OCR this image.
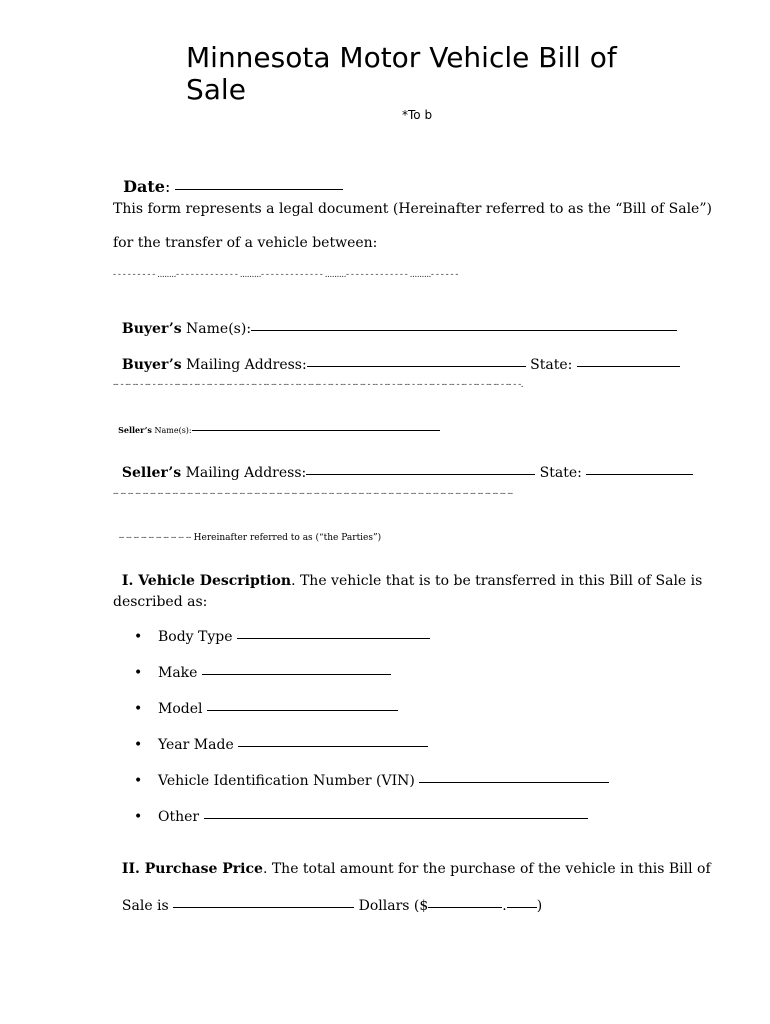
Minnesota Motor Vehicle Bill of Sale
*To b

Date:

This form represents a legal document (Hereinafter referred to as the “Bill of Sale”)
for the transfer of a vehicle between:
- - - - - - - - - ........- - - - - - - - - - - - - .........- - - - - - - - - - - - - .........- - - - - - - - - - - - - .........- - - - - -

Buyer’s Name(s):

Buyer’s Mailing Address:	State:

-- - -- -- - -- - -- - - -- -- - -- - -- - -- -- - -- - -- - -- -- - -- - -- - -- -- - -- - -- - -- -- - -- - -- - -- -- - -- - -- - -- -- - -- - -- - -- -- - -- - -.

Seller’s Name(s):

Seller’s Mailing Address:	State:

-- -- -- -- -- -- -- -- -- -- -- -- -- -- -- -- -- -- -- -- -- -- -- -- -- -- -- -- -- -- -- -- -- -- -- -- -- -- -- -- -- -- -- -- -- -- -- -- -- -- -- -- -- --

-- -- -- -- -- -- -- -- -- -- Hereinafter referred to as (“the Parties”)

I. Vehicle Description. The vehicle that is to be transferred in this Bill of Sale is

described as:
• Body Type
• Make
• Model
• Year Made
• Vehicle Identification Number (VIN)
• Other

II. Purchase Price. The total amount for the purchase of the vehicle in this Bill of

Sale is	Dollars ($	. )
